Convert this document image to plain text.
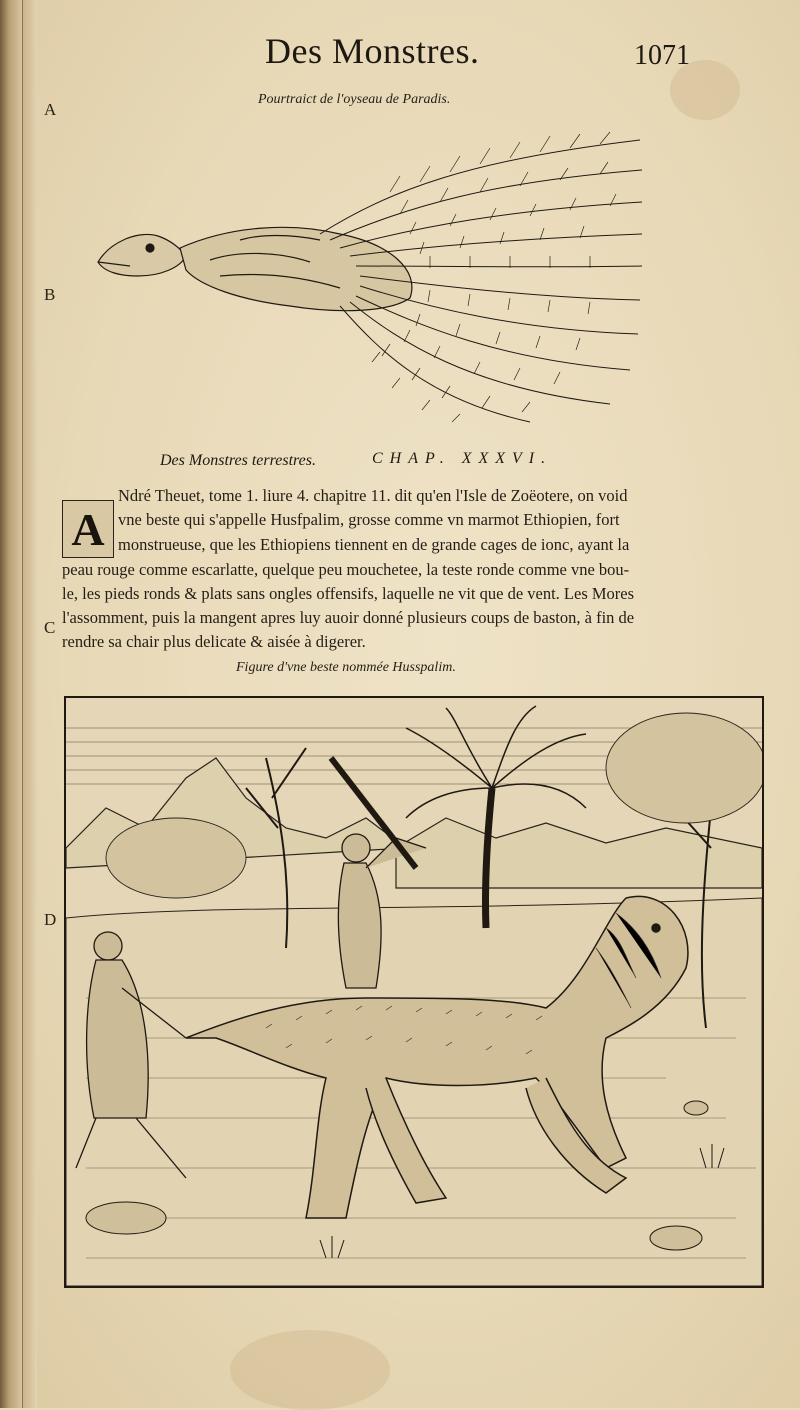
Des Monstres.	1071
A
B
C
D
Pourtraict de l'oyseau de Paradis.
Des Monstres terrestres.	CHAP. XXXVI.
A
Ndré Theuet, tome 1. liure 4. chapitre 11. dit qu'en l'Isle de Zoëotere, on void
vne beste qui s'appelle Husfpalim, grosse comme vn marmot Ethiopien, fort
monstrueuse, que les Ethiopiens tiennent en de grande cages de ionc, ayant la
peau rouge comme escarlatte, quelque peu mouchetee, la teste ronde comme vne bou-
le, les pieds ronds & plats sans ongles offensifs, laquelle ne vit que de vent. Les Mores
l'assomment, puis la mangent apres luy auoir donné plusieurs coups de baston, à fin de
rendre sa chair plus delicate & aisée à digerer.
Figure d'vne beste nommée Husspalim.
